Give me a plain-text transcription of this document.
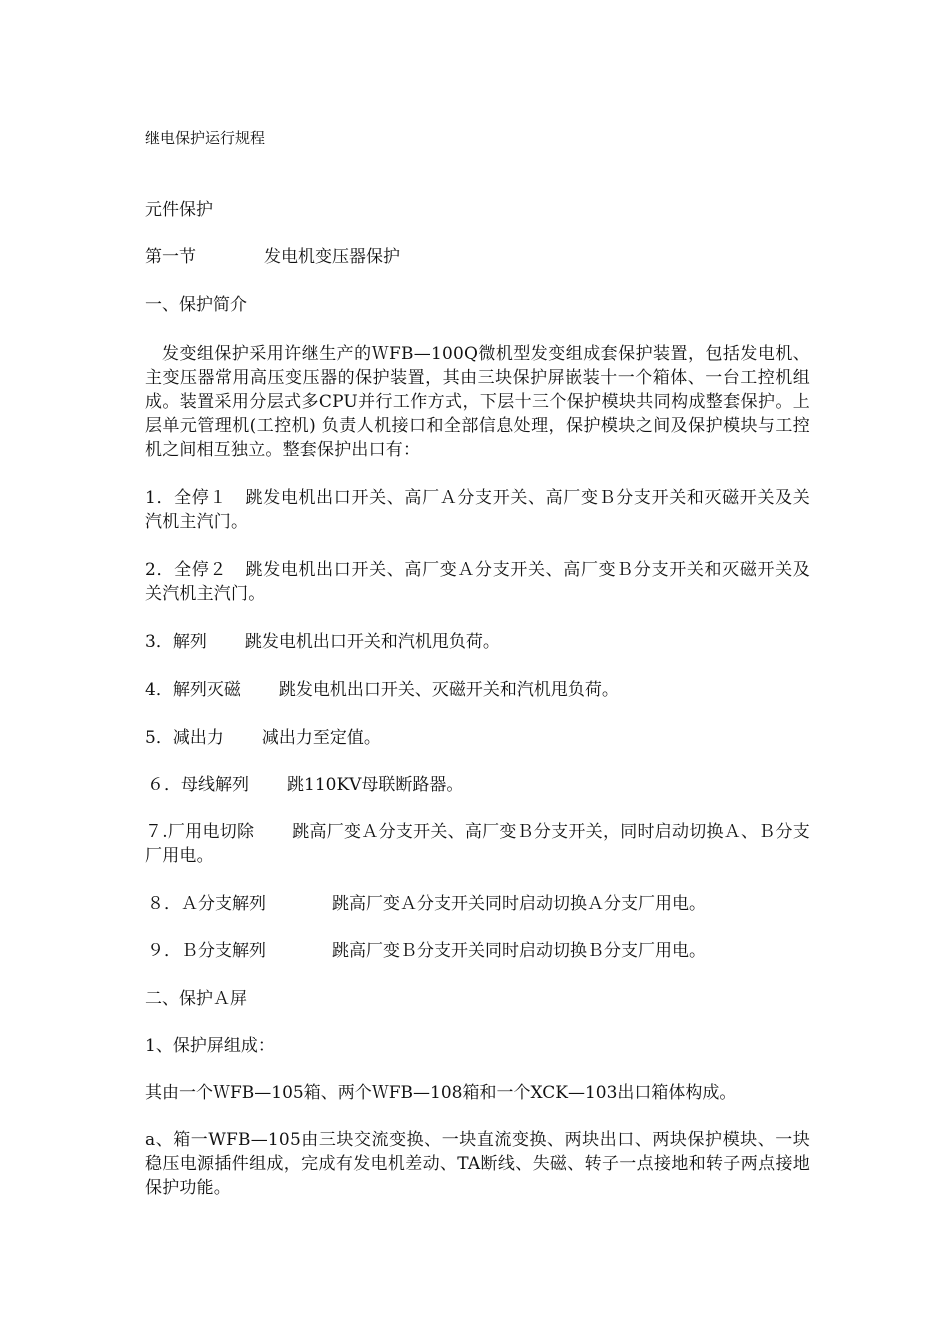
继电保护运行规程
元件保护
第一节	发电机变压器保护
一、保护简介
发变组保护采用许继生产的ＷFB—100Q微机型发变组成套保护装置，包括发电机、主变压器常用高压变压器的保护装置，其由三块保护屏嵌装十一个箱体、一台工控机组成。装置采用分层式多CPU并行工作方式，下层十三个保护模块共同构成整套保护。上层单元管理机(工控机) 负责人机接口和全部信息处理，保护模块之间及保护模块与工控机之间相互独立。整套保护出口有：
1．全停１ 跳发电机出口开关、高厂Ａ分支开关、高厂变Ｂ分支开关和灭磁开关及关汽机主汽门。
2．全停２ 跳发电机出口开关、高厂变Ａ分支开关、高厂变Ｂ分支开关和灭磁开关及关汽机主汽门。
3．解列 跳发电机出口开关和汽机甩负荷。
4．解列灭磁 跳发电机出口开关、灭磁开关和汽机甩负荷。
5．减出力 减出力至定值。
６．母线解列 跳110KV母联断路器。
７.厂用电切除 跳高厂变Ａ分支开关、高厂变Ｂ分支开关，同时启动切换Ａ、Ｂ分支厂用电。
８．Ａ分支解列	跳高厂变Ａ分支开关同时启动切换Ａ分支厂用电。
９．Ｂ分支解列	跳高厂变Ｂ分支开关同时启动切换Ｂ分支厂用电。
二、保护Ａ屏
1、保护屏组成：
其由一个ＷFB—105箱、两个ＷFB—108箱和一个XCK—103出口箱体构成。
a、箱一WFB—105由三块交流变换、一块直流变换、两块出口、两块保护模块、一块稳压电源插件组成，完成有发电机差动、TA断线、失磁、转子一点接地和转子两点接地保护功能。
